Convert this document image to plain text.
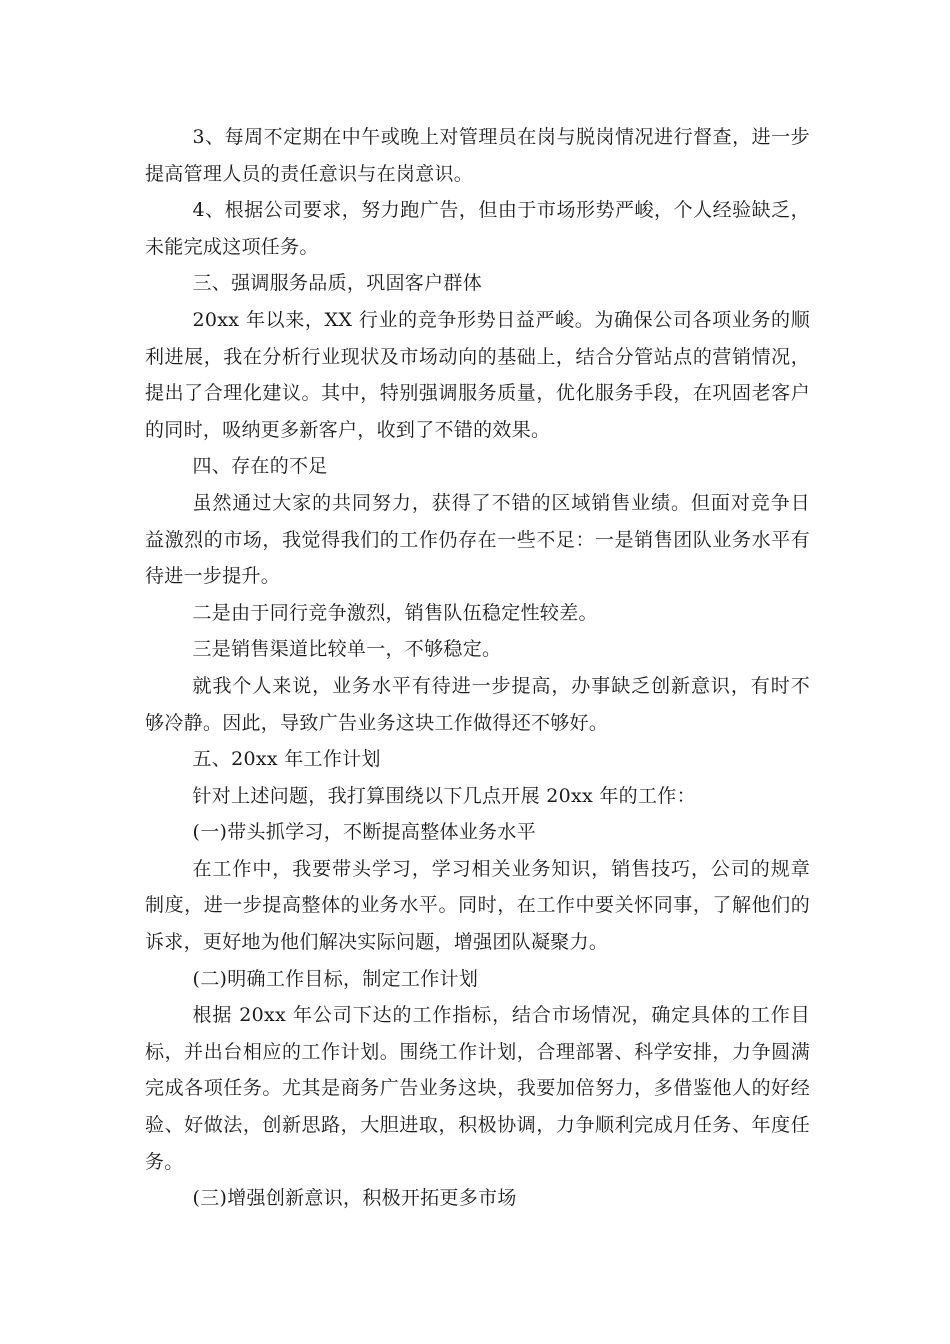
3、每周不定期在中午或晚上对管理员在岗与脱岗情况进行督查，进一步提高管理人员的责任意识与在岗意识。

4、根据公司要求，努力跑广告，但由于市场形势严峻，个人经验缺乏，未能完成这项任务。

三、强调服务品质，巩固客户群体

20xx 年以来，XX 行业的竞争形势日益严峻。为确保公司各项业务的顺利进展，我在分析行业现状及市场动向的基础上，结合分管站点的营销情况，提出了合理化建议。其中，特别强调服务质量，优化服务手段，在巩固老客户的同时，吸纳更多新客户，收到了不错的效果。

四、存在的不足

虽然通过大家的共同努力，获得了不错的区域销售业绩。但面对竞争日益激烈的市场，我觉得我们的工作仍存在一些不足：一是销售团队业务水平有待进一步提升。

二是由于同行竞争激烈，销售队伍稳定性较差。

三是销售渠道比较单一，不够稳定。

就我个人来说，业务水平有待进一步提高，办事缺乏创新意识，有时不够冷静。因此，导致广告业务这块工作做得还不够好。

五、20xx 年工作计划

针对上述问题，我打算围绕以下几点开展 20xx 年的工作：

(一)带头抓学习，不断提高整体业务水平

在工作中，我要带头学习，学习相关业务知识，销售技巧，公司的规章制度，进一步提高整体的业务水平。同时，在工作中要关怀同事，了解他们的诉求，更好地为他们解决实际问题，增强团队凝聚力。

(二)明确工作目标，制定工作计划

根据 20xx 年公司下达的工作指标，结合市场情况，确定具体的工作目标，并出台相应的工作计划。围绕工作计划，合理部署、科学安排，力争圆满完成各项任务。尤其是商务广告业务这块，我要加倍努力，多借鉴他人的好经验、好做法，创新思路，大胆进取，积极协调，力争顺利完成月任务、年度任务。

(三)增强创新意识，积极开拓更多市场
